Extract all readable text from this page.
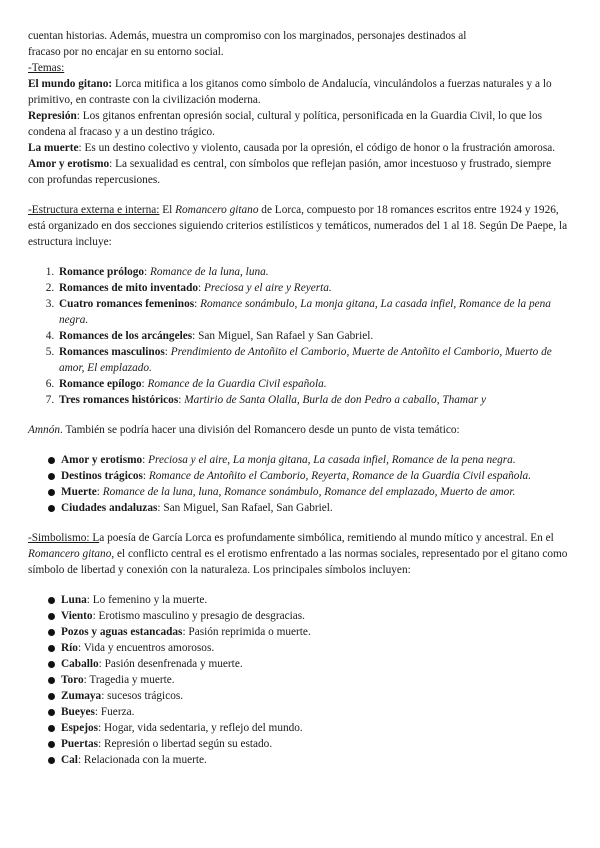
cuentan historias. Además, muestra un compromiso con los marginados, personajes destinados al
fracaso por no encajar en su entorno social.

-Temas:

El mundo gitano: Lorca mitifica a los gitanos como símbolo de Andalucía, vinculándolos a fuerzas naturales y a lo primitivo, en contraste con la civilización moderna.

Represión: Los gitanos enfrentan opresión social, cultural y política, personificada en la Guardia Civil, lo que los condena al fracaso y a un destino trágico.

La muerte: Es un destino colectivo y violento, causada por la opresión, el código de honor o la frustración amorosa.

Amor y erotismo: La sexualidad es central, con símbolos que reflejan pasión, amor incestuoso y frustrado, siempre con profundas repercusiones.

-Estructura externa e interna: El Romancero gitano de Lorca, compuesto por 18 romances escritos entre 1924 y 1926, está organizado en dos secciones siguiendo criterios estilísticos y temáticos, numerados del 1 al 18. Según De Paepe, la estructura incluye:

1. Romance prólogo: Romance de la luna, luna.
2. Romances de mito inventado: Preciosa y el aire y Reyerta.
3. Cuatro romances femeninos: Romance sonámbulo, La monja gitana, La casada infiel, Romance de la pena negra.
4. Romances de los arcángeles: San Miguel, San Rafael y San Gabriel.
5. Romances masculinos: Prendimiento de Antoñito el Camborio, Muerte de Antoñito el Camborio, Muerto de amor, El emplazado.
6. Romance epílogo: Romance de la Guardia Civil española.
7. Tres romances históricos: Martirio de Santa Olalla, Burla de don Pedro a caballo, Thamar y

Amnón. También se podría hacer una división del Romancero desde un punto de vista temático:

Amor y erotismo: Preciosa y el aire, La monja gitana, La casada infiel, Romance de la pena negra.
Destinos trágicos: Romance de Antoñito el Camborio, Reyerta, Romance de la Guardia Civil española.
Muerte: Romance de la luna, luna, Romance sonámbulo, Romance del emplazado, Muerto de amor.
Ciudades andaluzas: San Miguel, San Rafael, San Gabriel.

-Simbolismo: La poesía de García Lorca es profundamente simbólica, remitiendo al mundo mítico y ancestral. En el Romancero gitano, el conflicto central es el erotismo enfrentado a las normas sociales, representado por el gitano como símbolo de libertad y conexión con la naturaleza. Los principales símbolos incluyen:

Luna: Lo femenino y la muerte.
Viento: Erotismo masculino y presagio de desgracias.
Pozos y aguas estancadas: Pasión reprimida o muerte.
Río: Vida y encuentros amorosos.
Caballo: Pasión desenfrenada y muerte.
Toro: Tragedia y muerte.
Zumaya: sucesos trágicos.
Bueyes: Fuerza.
Espejos: Hogar, vida sedentaria, y reflejo del mundo.
Puertas: Represión o libertad según su estado.
Cal: Relacionada con la muerte.
